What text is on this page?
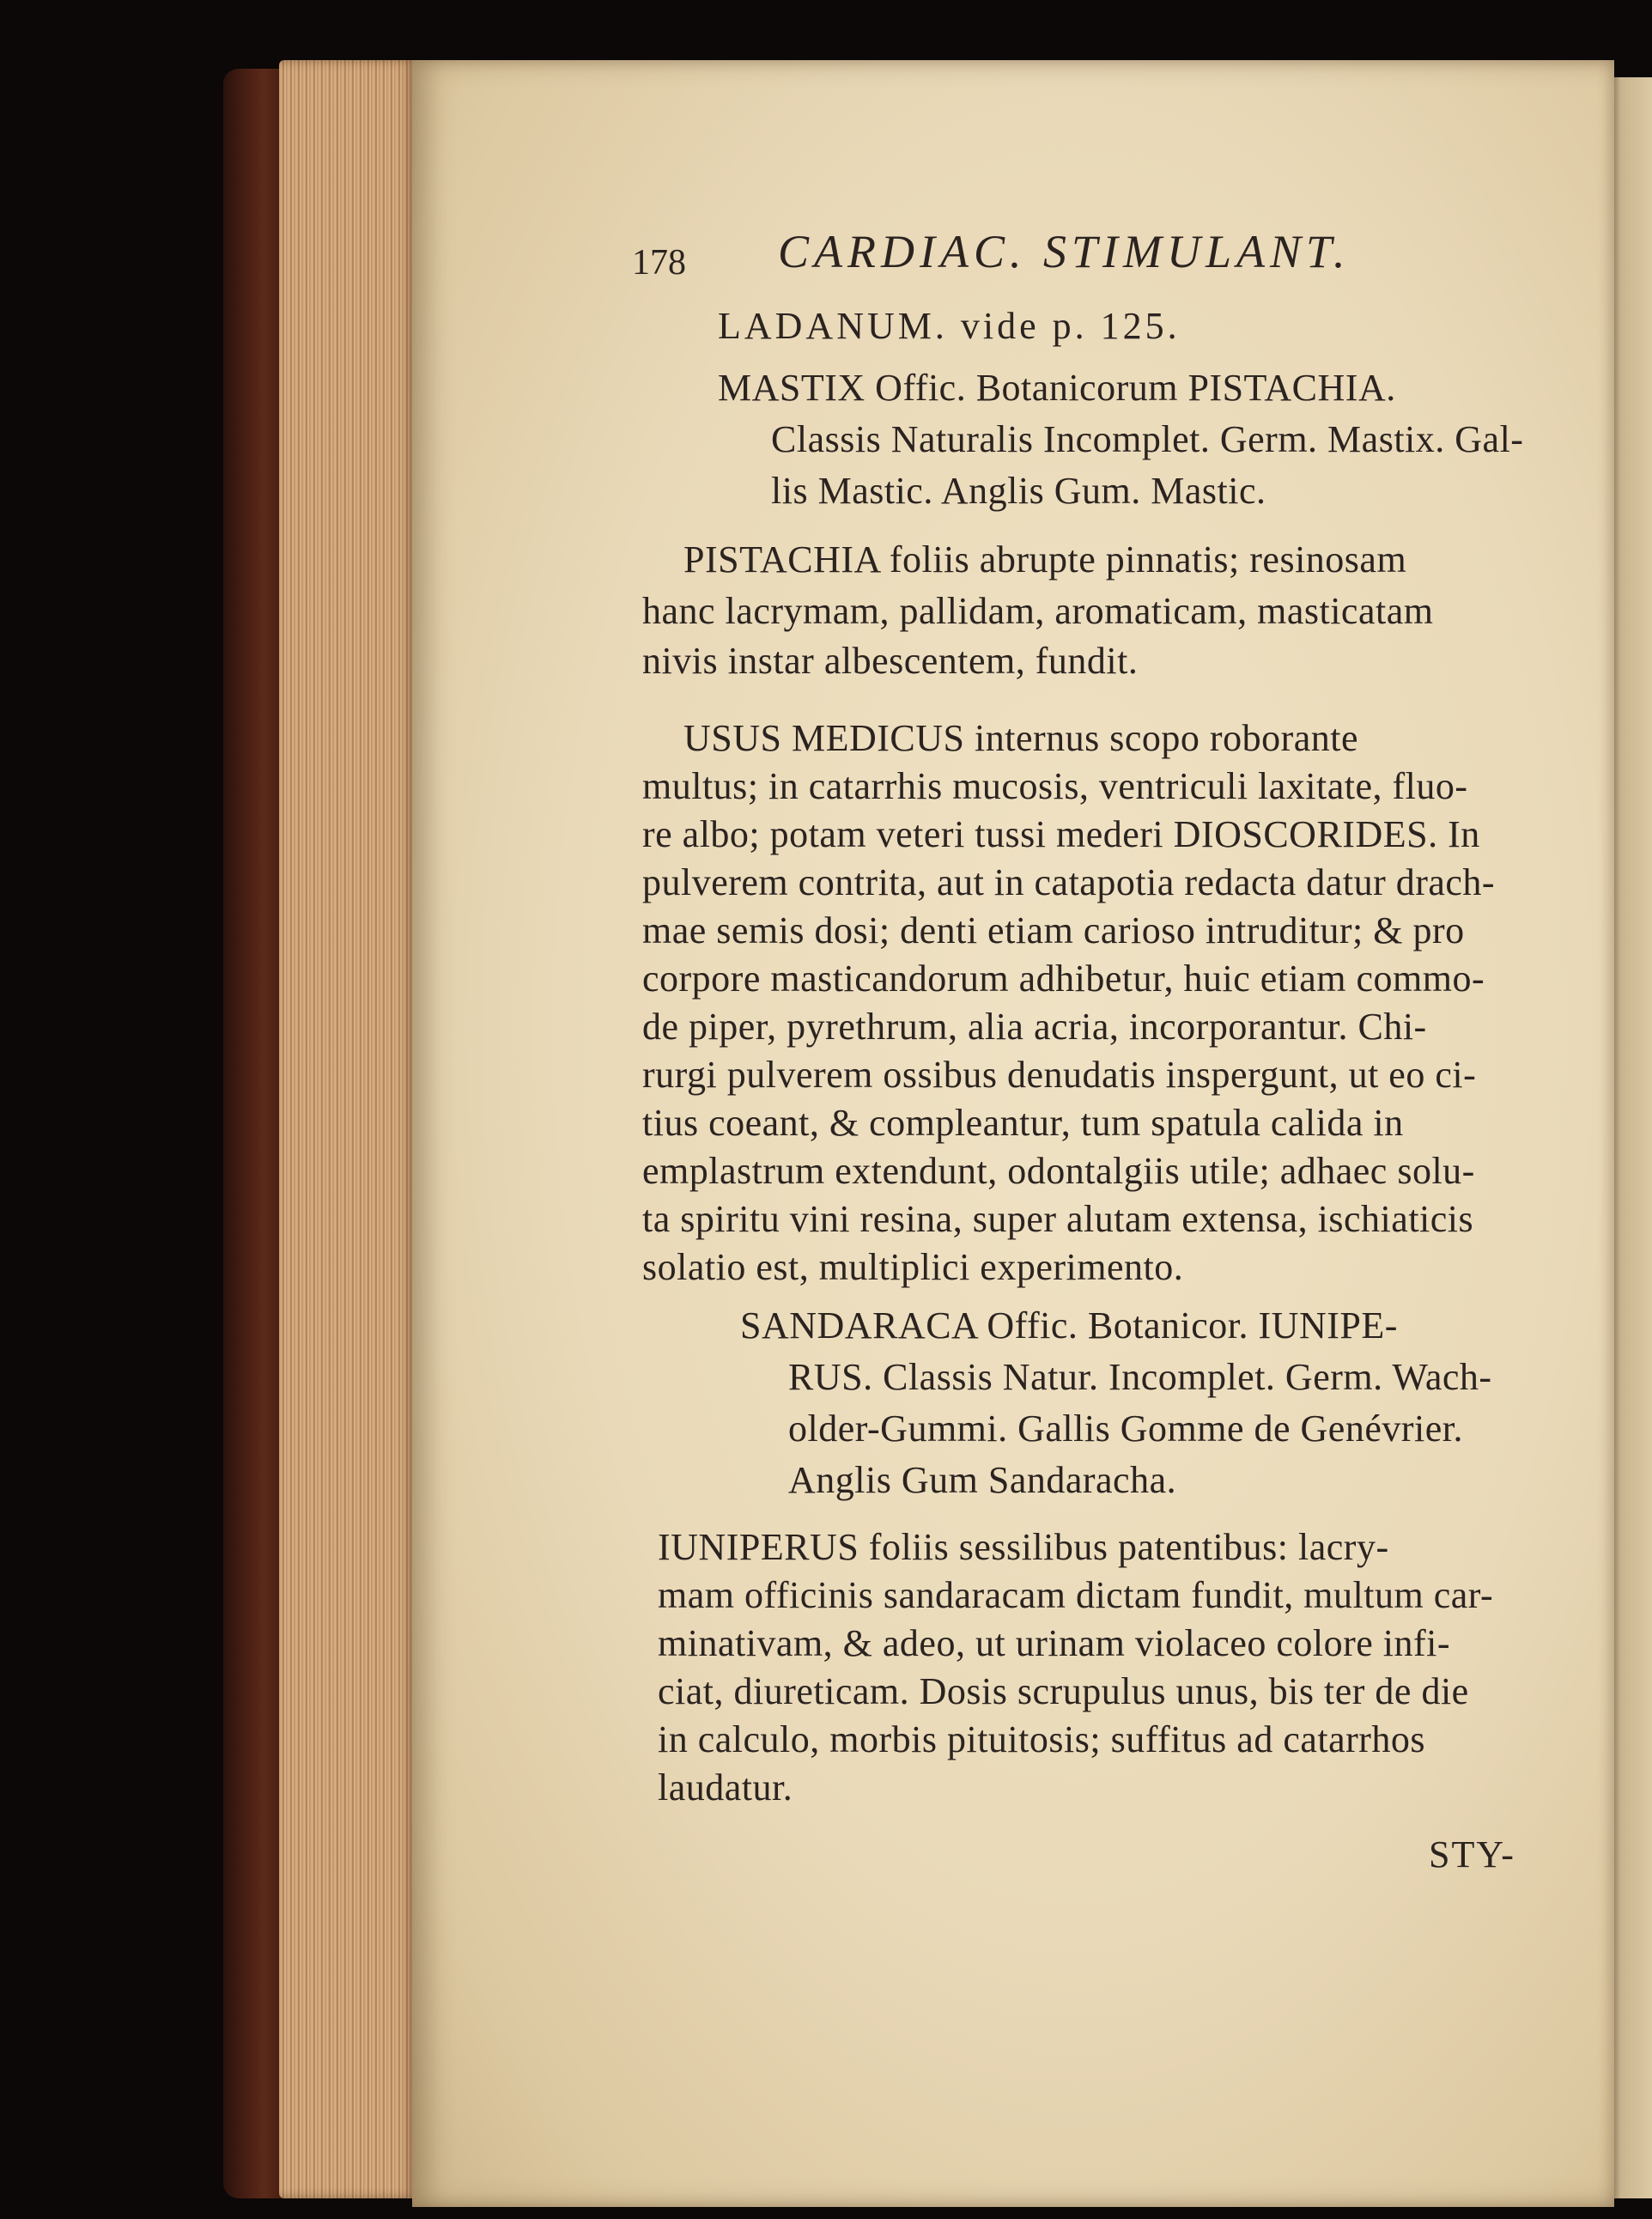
178 CARDIAC. STIMULANT.
LADANUM. vide p. 125.
MASTIX Offic. Botanicorum PISTACHIA.
Classis Naturalis Incomplet. Germ. Mastix. Gal-
lis Mastic. Anglis Gum. Mastic.
PISTACHIA foliis abrupte pinnatis; resinosam
hanc lacrymam, pallidam, aromaticam, masticatam
nivis instar albescentem, fundit.
USUS MEDICUS internus scopo roborante
multus; in catarrhis mucosis, ventriculi laxitate, fluo-
re albo; potam veteri tussi mederi DIOSCORIDES. In
pulverem contrita, aut in catapotia redacta datur drach-
mae semis dosi; denti etiam carioso intruditur; & pro
corpore masticandorum adhibetur, huic etiam commo-
de piper, pyrethrum, alia acria, incorporantur. Chi-
rurgi pulverem ossibus denudatis inspergunt, ut eo ci-
tius coeant, & compleantur, tum spatula calida in
emplastrum extendunt, odontalgiis utile; adhaec solu-
ta spiritu vini resina, super alutam extensa, ischiaticis
solatio est, multiplici experimento.
SANDARACA Offic. Botanicor. IUNIPE-
RUS. Classis Natur. Incomplet. Germ. Wach-
older-Gummi. Gallis Gomme de Genévrier.
Anglis Gum Sandaracha.
IUNIPERUS foliis sessilibus patentibus: lacry-
mam officinis sandaracam dictam fundit, multum car-
minativam, & adeo, ut urinam violaceo colore infi-
ciat, diureticam. Dosis scrupulus unus, bis ter de die
in calculo, morbis pituitosis; suffitus ad catarrhos
laudatur.
STY-
